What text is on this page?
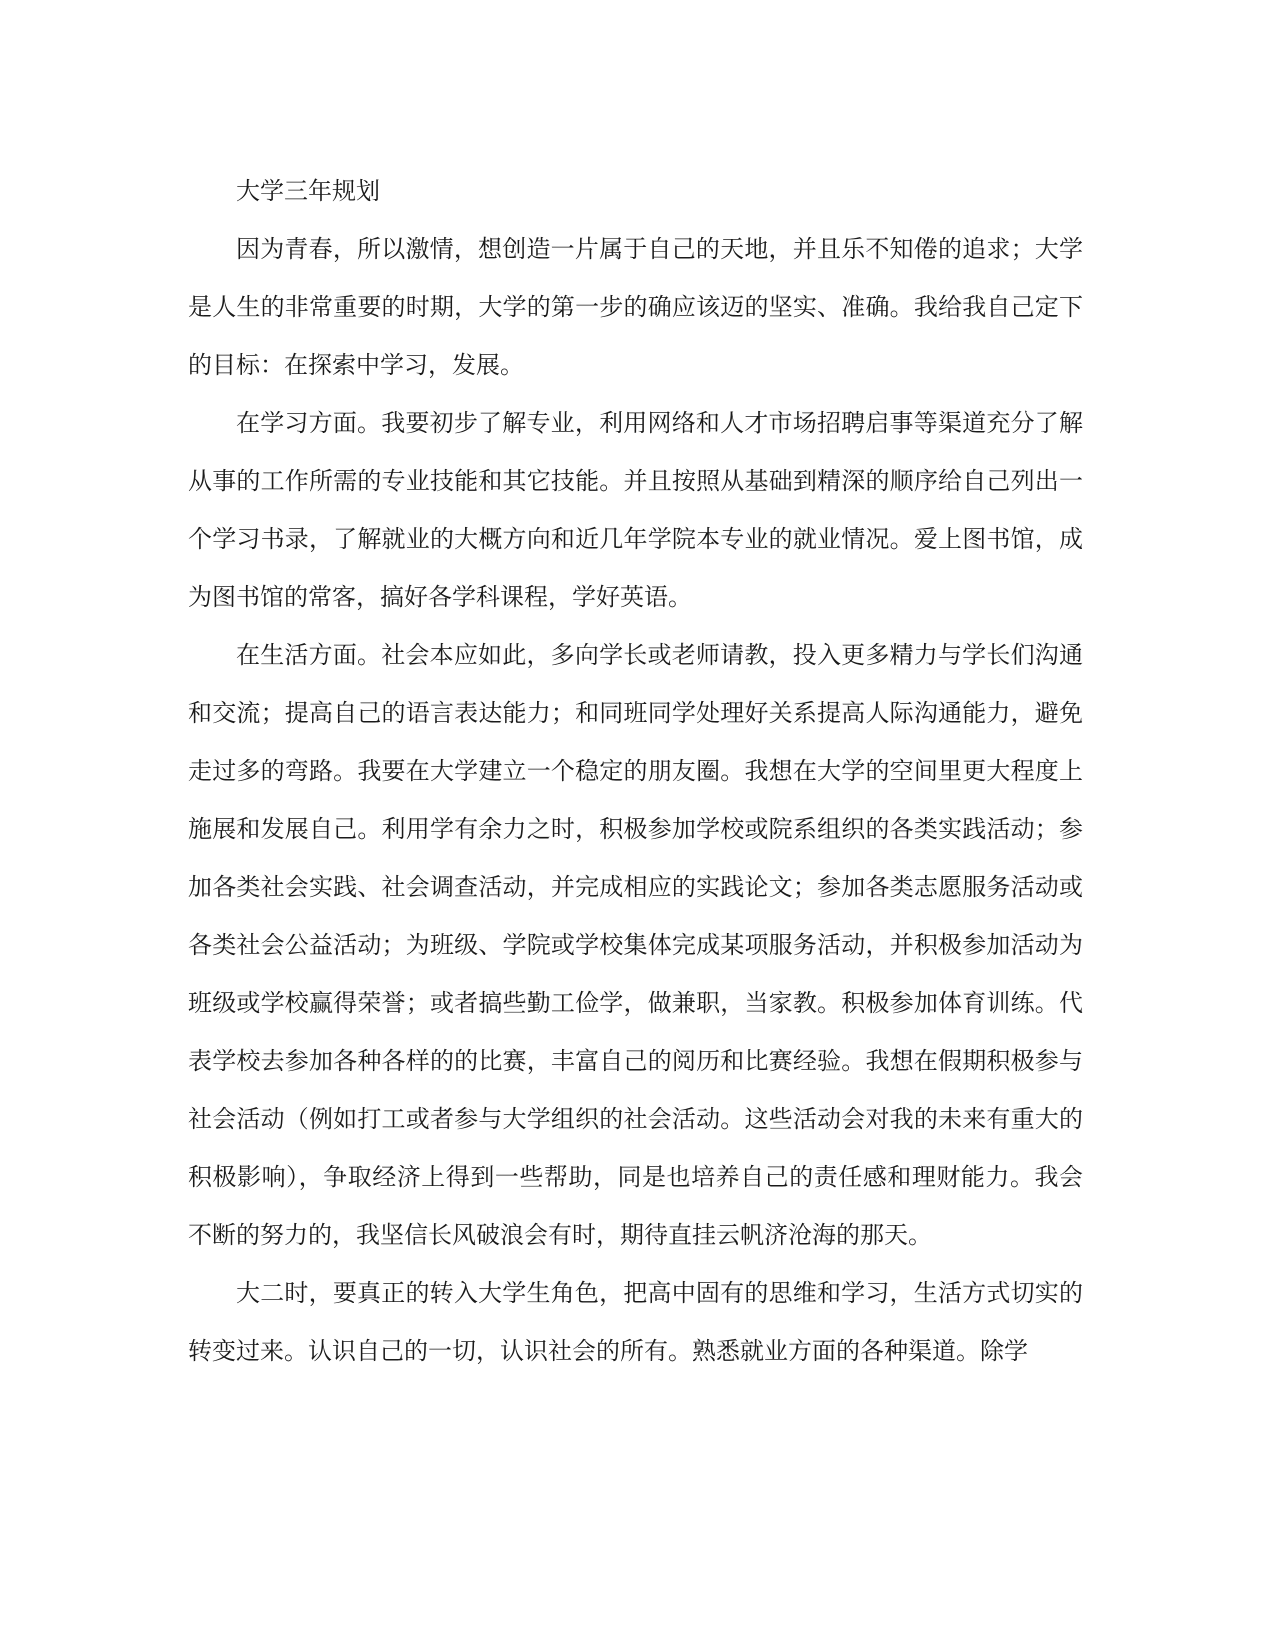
大学三年规划

因为青春，所以激情，想创造一片属于自己的天地，并且乐不知倦的追求；大学是人生的非常重要的时期，大学的第一步的确应该迈的坚实、准确。我给我自己定下的目标：在探索中学习，发展。

在学习方面。我要初步了解专业，利用网络和人才市场招聘启事等渠道充分了解从事的工作所需的专业技能和其它技能。并且按照从基础到精深的顺序给自己列出一个学习书录，了解就业的大概方向和近几年学院本专业的就业情况。爱上图书馆，成为图书馆的常客，搞好各学科课程，学好英语。

在生活方面。社会本应如此，多向学长或老师请教，投入更多精力与学长们沟通和交流；提高自己的语言表达能力；和同班同学处理好关系提高人际沟通能力，避免走过多的弯路。我要在大学建立一个稳定的朋友圈。我想在大学的空间里更大程度上施展和发展自己。利用学有余力之时，积极参加学校或院系组织的各类实践活动；参加各类社会实践、社会调查活动，并完成相应的实践论文；参加各类志愿服务活动或各类社会公益活动；为班级、学院或学校集体完成某项服务活动，并积极参加活动为班级或学校赢得荣誉；或者搞些勤工俭学，做兼职，当家教。积极参加体育训练。代表学校去参加各种各样的的比赛，丰富自己的阅历和比赛经验。我想在假期积极参与社会活动（例如打工或者参与大学组织的社会活动。这些活动会对我的未来有重大的积极影响），争取经济上得到一些帮助，同是也培养自己的责任感和理财能力。我会不断的努力的，我坚信长风破浪会有时，期待直挂云帆济沧海的那天。

大二时，要真正的转入大学生角色，把高中固有的思维和学习，生活方式切实的转变过来。认识自己的一切，认识社会的所有。熟悉就业方面的各种渠道。除学
